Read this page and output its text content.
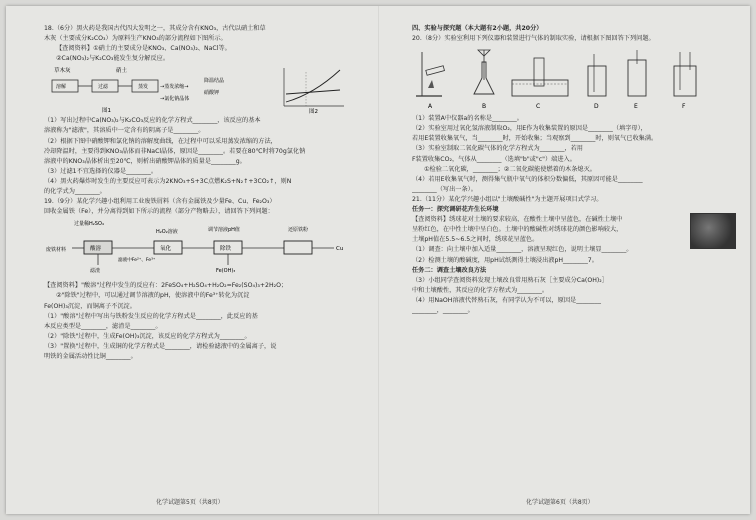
18.（6分）黑火药是我国古代四大发明之一，其成分含有KNO₃，古代以硝土和草
木灰（主要成分K₂CO₃）为原料生产KNO₃的部分流程如下图所示。
【查阅资料】①硝土的主要成分是KNO₃、Ca(NO₃)₂、NaCl等。
②Ca(NO₃)₂与K₂CO₃能发生复分解反应。
草木灰	硝土
溶解	过滤	蒸发 →蒸发浓缩→
降温结晶
硝酸钾
→氯化钠晶体
图1	图2
（1）写出过程中Ca(NO₃)₂与K₂CO₃反应的化学方程式________，该反应的基本
溶液称为"滤液"，其溶质中一定含有的阴离子是________。
（2）根据下图中硝酸钾和氯化钠的溶解度曲线，在过程中可以采用蒸发浓缩的方法，
冷却降温时，主要得到KNO₃晶体而非NaCl晶体，原因是________。若要在80℃时将70g氯化钠
溶液中的KNO₃晶体析出至20℃，则析出硝酸钾晶体的质量是________g。
（3）过滤1不宜选择的仪器是________。
（4）黑火药爆炸时发生的主要反应可表示为2KNO₃+S+3C点燃K₂S+N₂↑+3CO₂↑，则N
的化学式为________。
19.（9分）某化学兴趣小组利用工业废铁屑料（含有金属铁及少量Fe、Cu、Fe₂O₃）
回收金属铁（Fe），并分离得到如下所示的流程（部分产物略去），请回答下列问题：
过量稀H₂SO₄
废铁材料	酸溶
滤渣
滤液中Fe²⁺、Fe³⁺
H₂O₂溶液
氧化
调节溶液pH值
除铁
Fe(OH)₃
还原铁粉
Cu
【查阅资料】"酸溶"过程中发生的反应有：2FeSO₄+H₂SO₄+H₂O₂=Fe₂(SO₄)₃+2H₂O；
②"除铁"过程中，可以通过调节溶液的pH，使溶液中的Fe³⁺转化为沉淀
Fe(OH)₃沉淀，而铜离子不沉淀。
（1）"酸溶"过程中写出与铁粉发生反应的化学方程式是________，此反应的基
本反应类型是________，滤渣是________。
（2）"除铁"过程中，生成Fe(OH)₃沉淀，该反应的化学方程式为________。
（3）"置换"过程中，生成铜的化学方程式是________，请检验滤液中的金属离子，说
明铁的金属活动性比铜________。
四、实验与探究题（本大题有2小题，共20分）
20.（8分）实验室利用下列仪器和装置进行气体的制取实验，请根据下图回答下列问题。
A	B	C	D	E	F
（1）装置A中仪器a的名称是________。
（2）实验室用过氧化氢溶液制取O₂，用E作为收集装置的原因是________（填字母），
若用E装置收集氧气，当________时，开始收集；当观察到________时，则氧气已收集满。
（3）实验室制取二氧化碳气体的化学方程式为________，若用
F装置收集CO₂，气体从________（选填"b"或"c"）端进入。
①检验二氧化碳，________；②二氧化碳能使燃着的木条熄灭。
（4）若用E收集氧气时，测得集气瓶中氧气的体积分数偏低，其原因可能是________
________（写出一条）。
21.（11分）某化学兴趣小组以"土壤酸碱性"为主题开展项目式学习。
任务一：探究调研花卉生长环境
【查阅资料】绣球花对土壤的要求较高，在酸性土壤中呈蓝色，在碱性土壤中
呈粉红色，在中性土壤中呈白色。土壤中的酸碱性对绣球花的颜色影响较大，
土壤pH值在5.5~6.5之间时，绣球花呈蓝色。
（1）调查：向土壤中加入适量________，溶液呈现红色，说明土壤显________。
（2）检测土壤的酸碱度，用pH试纸测得土壤浸出液pH________7。
任务二：调查土壤改良方法
（3）小组同学查阅资料发现土壤改良常用熟石灰［主要成分Ca(OH)₂］
中和土壤酸性，其反应的化学方程式为________。
（4）用NaOH溶液代替熟石灰，有同学认为不可以，原因是________
________，________。
化学试题第5页（共8页）	化学试题第6页（共8页）
